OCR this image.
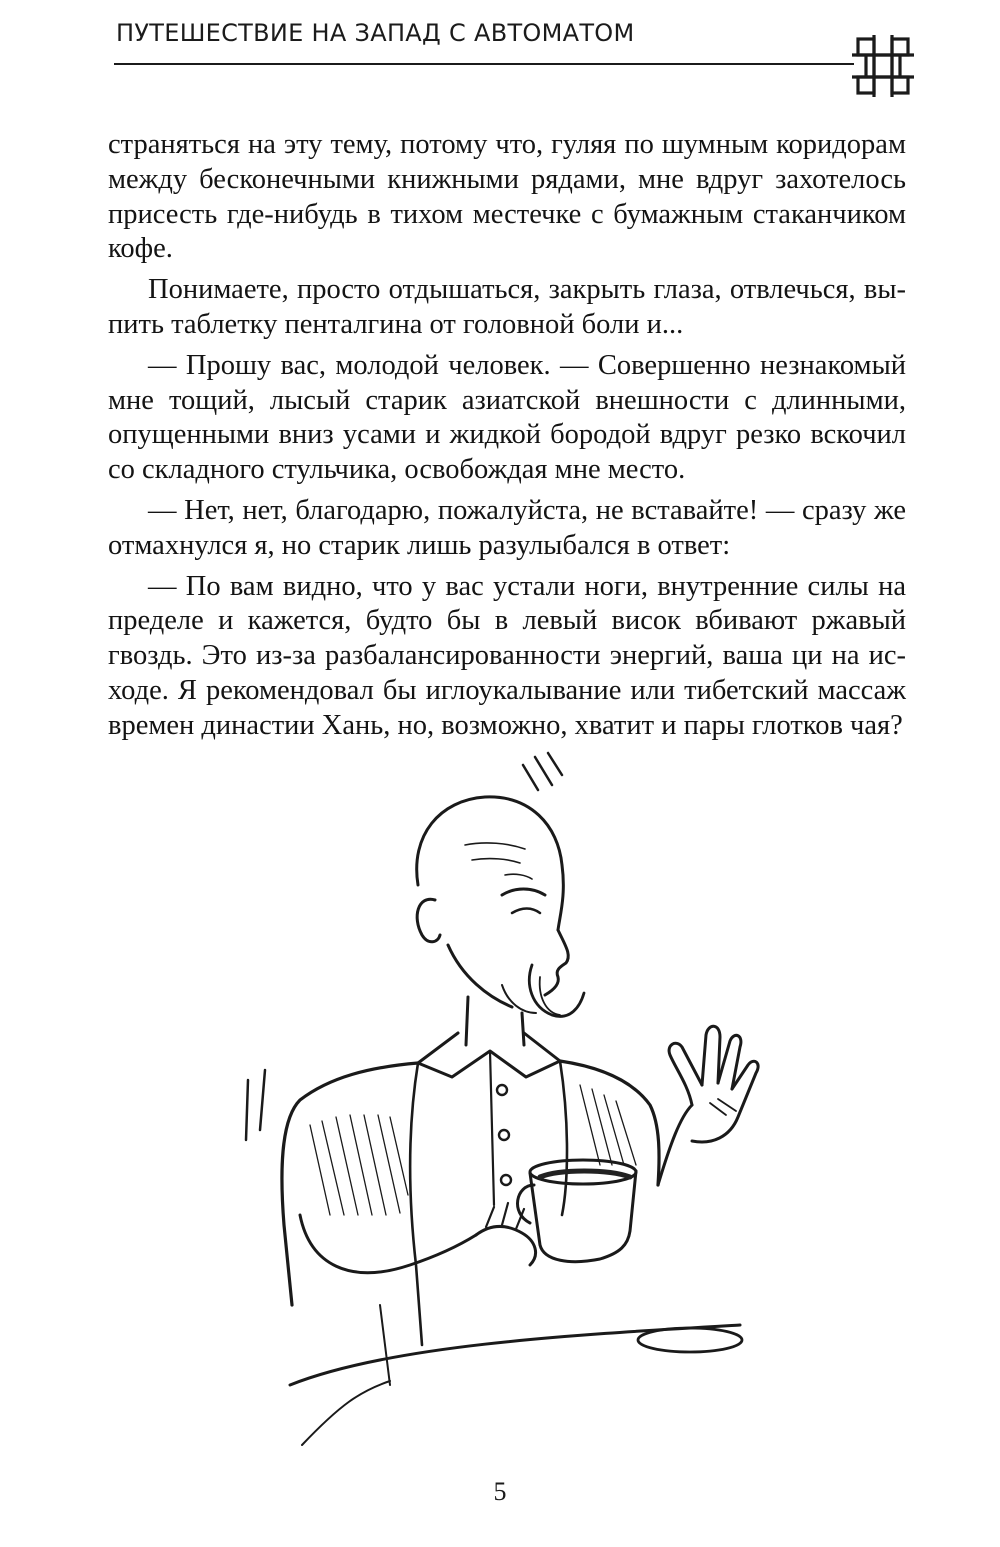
ПУТЕШЕСТВИЕ НА ЗАПАД С АВТОМАТОМ

страняться на эту тему, потому что, гуляя по шумным коридорам между бесконечными книжными рядами, мне вдруг захотелось присесть где-нибудь в тихом местечке с бумажным стаканчиком кофе.

Понимаете, просто отдышаться, закрыть глаза, отвлечься, выпить таблетку пенталгина от головной боли и...

— Прошу вас, молодой человек. — Совершенно незнакомый мне тощий, лысый старик азиатской внешности с длинными, опущенными вниз усами и жидкой бородой вдруг резко вскочил со складного стульчика, освобождая мне место.

— Нет, нет, благодарю, пожалуйста, не вставайте! — сразу же отмахнулся я, но старик лишь разулыбался в ответ:

— По вам видно, что у вас устали ноги, внутренние силы на пределе и кажется, будто бы в левый висок вбивают ржавый гвоздь. Это из-за разбалансированности энергий, ваша ци на исходе. Я рекомендовал бы иглоукалывание или тибетский массаж времен династии Хань, но, возможно, хватит и пары глотков чая?

5
